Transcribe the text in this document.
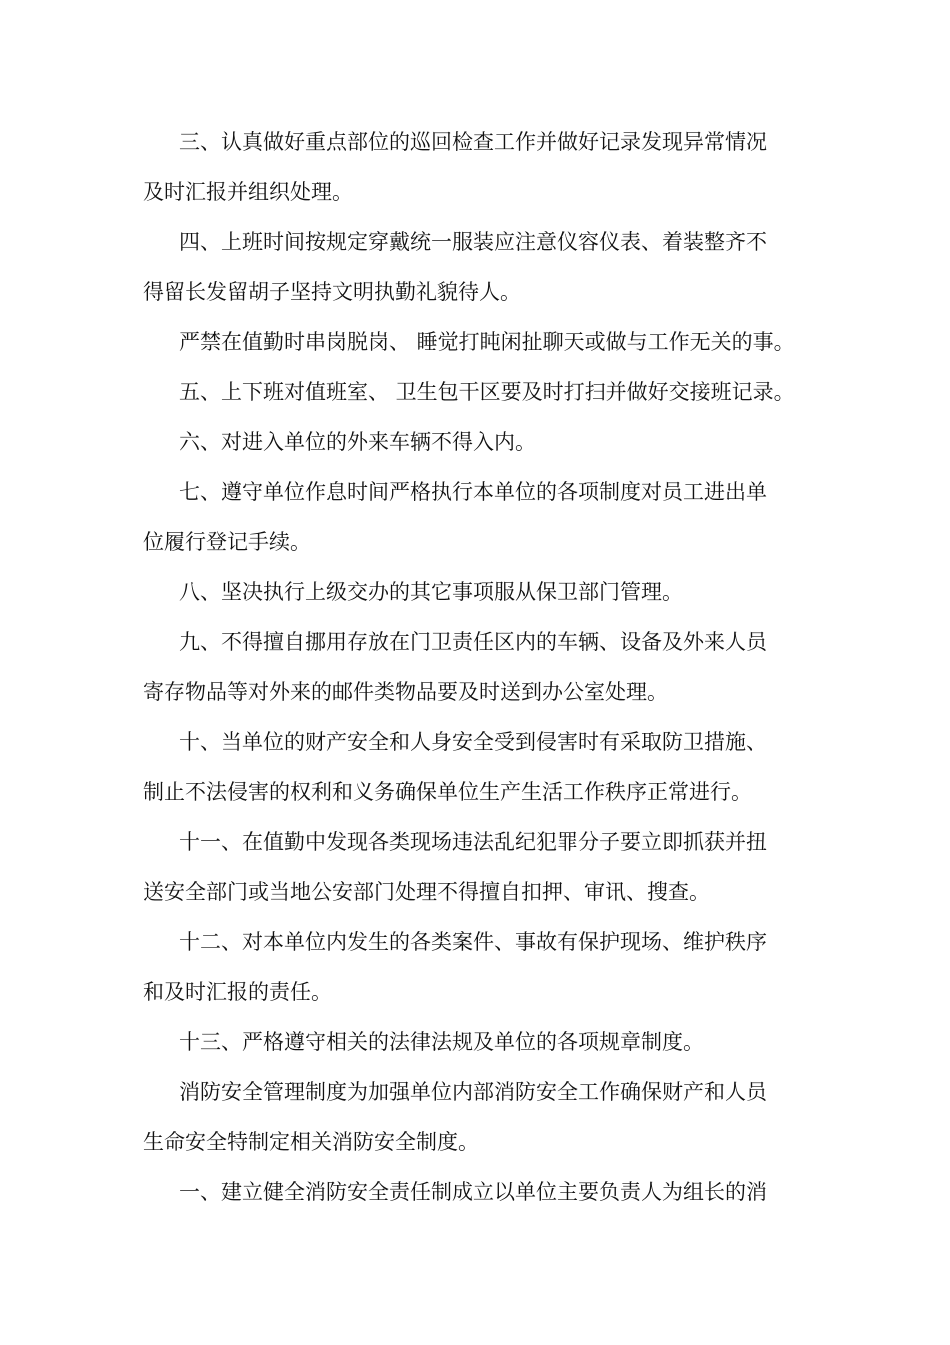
三、认真做好重点部位的巡回检查工作并做好记录发现异常情况

及时汇报并组织处理。

四、上班时间按规定穿戴统一服装应注意仪容仪表、着装整齐不

得留长发留胡子坚持文明执勤礼貌待人。

严禁在值勤时串岗脱岗、 睡觉打盹闲扯聊天或做与工作无关的事。

五、上下班对值班室、 卫生包干区要及时打扫并做好交接班记录。

六、对进入单位的外来车辆不得入内。

七、遵守单位作息时间严格执行本单位的各项制度对员工进出单

位履行登记手续。

八、坚决执行上级交办的其它事项服从保卫部门管理。

九、不得擅自挪用存放在门卫责任区内的车辆、设备及外来人员

寄存物品等对外来的邮件类物品要及时送到办公室处理。

十、当单位的财产安全和人身安全受到侵害时有采取防卫措施、

制止不法侵害的权利和义务确保单位生产生活工作秩序正常进行。

十一、在值勤中发现各类现场违法乱纪犯罪分子要立即抓获并扭

送安全部门或当地公安部门处理不得擅自扣押、审讯、搜查。

十二、对本单位内发生的各类案件、事故有保护现场、维护秩序

和及时汇报的责任。

十三、严格遵守相关的法律法规及单位的各项规章制度。

消防安全管理制度为加强单位内部消防安全工作确保财产和人员

生命安全特制定相关消防安全制度。

一、建立健全消防安全责任制成立以单位主要负责人为组长的消
